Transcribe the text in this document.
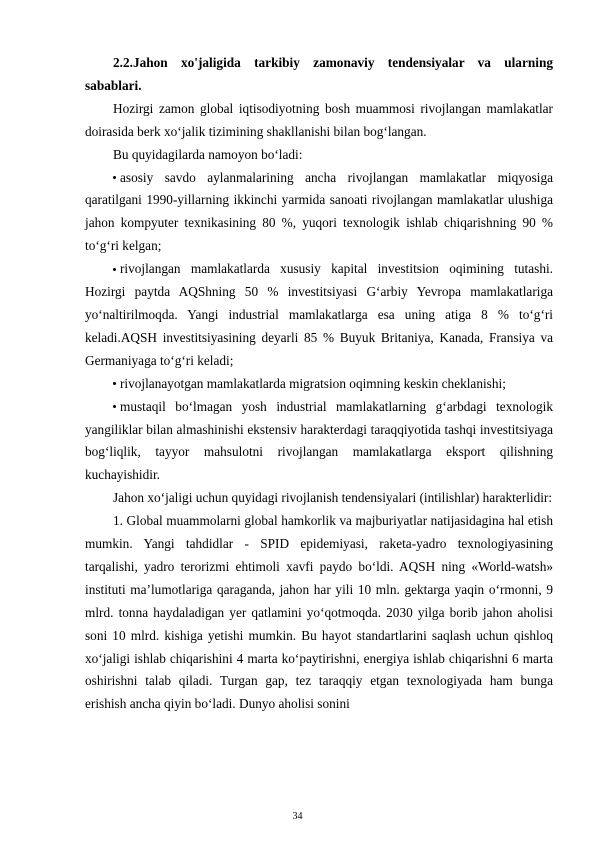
2.2.Jahon xo'jaligida tarkibiy zamonaviy tendensiyalar va ularning sabablari.

Hozirgi zamon global iqtisodiyotning bosh muammosi rivojlangan mamlakatlar doirasida berk xo‘jalik tizimining shakllanishi bilan bog‘langan.

Bu quyidagilarda namoyon bo‘ladi:

asosiy savdo aylanmalarining ancha rivojlangan mamlakatlar miqyosiga qaratilgani 1990-yillarning ikkinchi yarmida sanoati rivojlangan mamlakatlar ulushiga jahon kompyuter texnikasining 80 %, yuqori texnologik ishlab chiqarishning 90 % to‘g‘ri kelgan;

rivojlangan mamlakatlarda xususiy kapital investitsion oqimining tutashi. Hozirgi paytda AQShning 50 % investitsiyasi G‘arbiy Yevropa mamlakatlariga yo‘naltirilmoqda. Yangi industrial mamlakatlarga esa uning atiga 8 % to‘g‘ri keladi.AQSH investitsiyasining deyarli 85 % Buyuk Britaniya, Kanada, Fransiya va Germaniyaga to‘g‘ri keladi;

rivojlanayotgan mamlakatlarda migratsion oqimning keskin cheklanishi;

mustaqil bo‘lmagan yosh industrial mamlakatlarning g‘arbdagi texnologik yangiliklar bilan almashinishi ekstensiv harakterdagi taraqqiyotida tashqi investitsiyaga bog‘liqlik, tayyor mahsulotni rivojlangan mamlakatlarga eksport qilishning kuchayishidir.

Jahon xo‘jaligi uchun quyidagi rivojlanish tendensiyalari (intilishlar) harakterlidir:

1. Global muammolarni global hamkorlik va majburiyatlar natijasidagina hal etish mumkin. Yangi tahdidlar - SPID epidemiyasi, raketa-yadro texnologiyasining tarqalishi, yadro terorizmi ehtimoli xavfi paydo bo‘ldi. AQSH ning «World-watsh» instituti ma’lumotlariga qaraganda, jahon har yili 10 mln. gektarga yaqin o‘rmonni, 9 mlrd. tonna haydaladigan yer qatlamini yo‘qotmoqda. 2030 yilga borib jahon aholisi soni 10 mlrd. kishiga yetishi mumkin. Bu hayot standartlarini saqlash uchun qishloq xo‘jaligi ishlab chiqarishini 4 marta ko‘paytirishni, energiya ishlab chiqarishni 6 marta oshirishni talab qiladi. Turgan gap, tez taraqqiy etgan texnologiyada ham bunga erishish ancha qiyin bo‘ladi. Dunyo aholisi sonini

34
